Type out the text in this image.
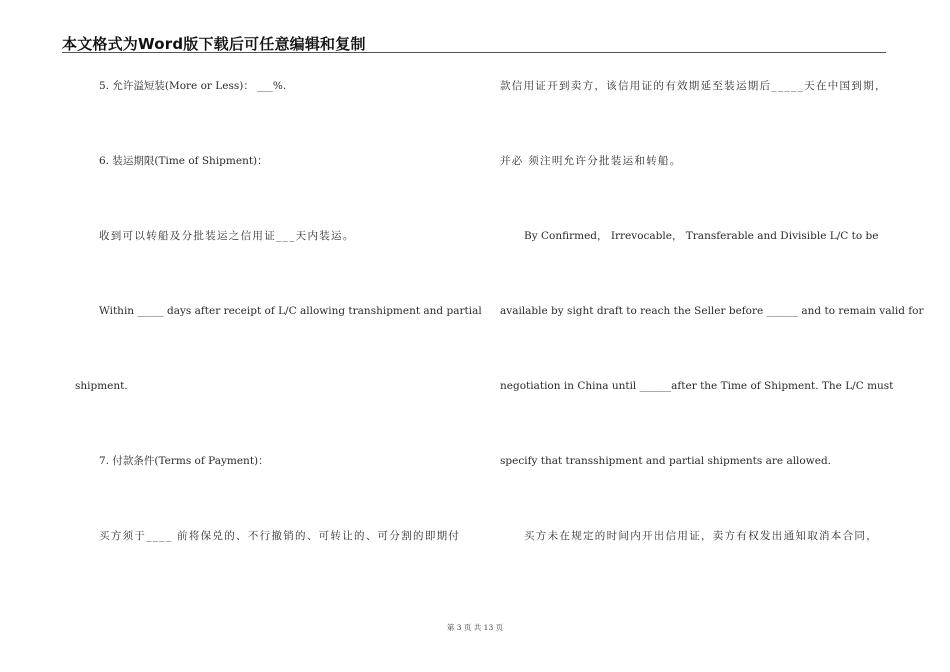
本文格式为Word版下载后可任意编辑和复制
5. 允许溢短装(More or Less)： ___%.
6. 装运期限(Time of Shipment)：
收到可以转船及分批装运之信用证___天内装运。
Within _____ days after receipt of L/C allowing transhipment and partial
shipment.
7. 付款条件(Terms of Payment)：
买方须于____ 前将保兑的、不行撤销的、可转让的、可分割的即期付
款信用证开到卖方，该信用证的有效期延至装运期后_____天在中国到期，
并必 须注明允许分批装运和转船。
By Confirmed， Irrevocable， Transferable and Divisible L/C to be
available by sight draft to reach the Seller before ______ and to remain valid for
negotiation in China until ______after the Time of Shipment. The L/C must
specify that transshipment and partial shipments are allowed.
买方未在规定的时间内开出信用证，卖方有权发出通知取消本合同，
第 3 页 共 13 页
